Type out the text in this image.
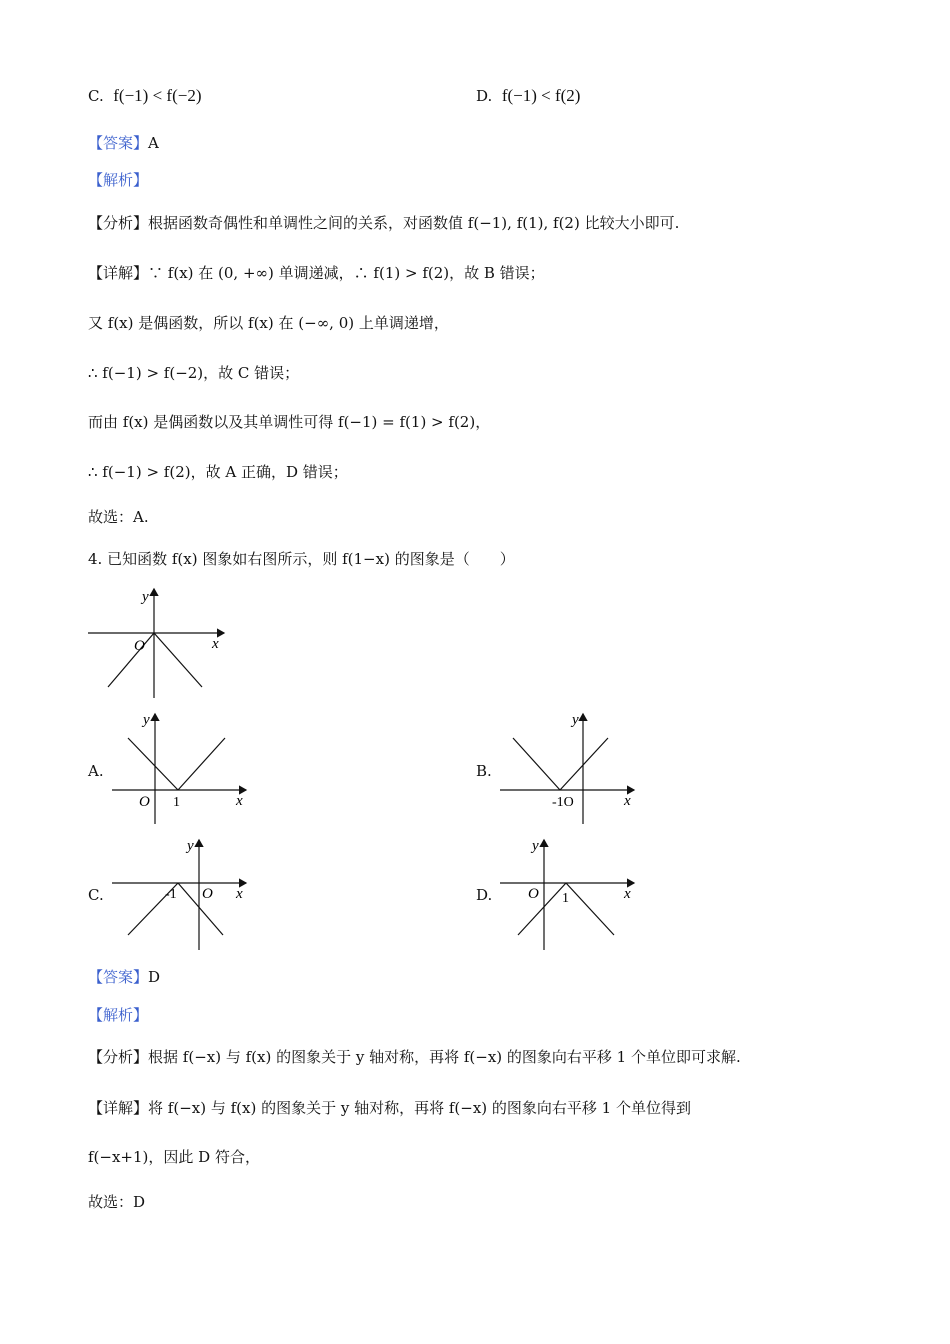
C. f(−1) < f(−2)	D. f(−1) < f(2)
【答案】A
【解析】
【分析】根据函数奇偶性和单调性之间的关系，对函数值 f(−1), f(1), f(2) 比较大小即可.
【详解】∵ f(x) 在 (0, +∞) 单调递减，∴ f(1) > f(2)，故 B 错误；
又 f(x) 是偶函数，所以 f(x) 在 (−∞, 0) 上单调递增，
∴ f(−1) > f(−2)，故 C 错误；
而由 f(x) 是偶函数以及其单调性可得 f(−1) = f(1) > f(2)，
∴ f(−1) > f(2)，故 A 正确，D 错误；
故选：A.
4. 已知函数 f(x) 图象如右图所示，则 f(1−x) 的图象是（　　）
y
x
O
A.
y
x
O 1
B.
y
x
-1O
C.
y
x
O
-1	D.
y
x
O 1
【答案】D
【解析】
【分析】根据 f(−x) 与 f(x) 的图象关于 y 轴对称，再将 f(−x) 的图象向右平移 1 个单位即可求解.
【详解】将 f(−x) 与 f(x) 的图象关于 y 轴对称，再将 f(−x) 的图象向右平移 1 个单位得到
f(−x+1)，因此 D 符合，
故选：D
